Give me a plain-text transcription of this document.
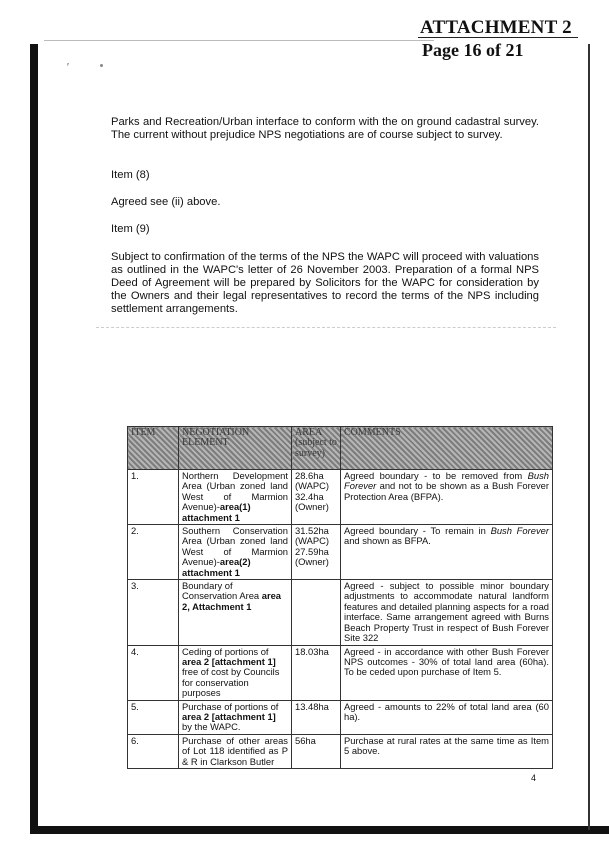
ATTACHMENT 2
Page 16 of 21
′
Parks and Recreation/Urban interface to conform with the on ground cadastral survey. The current without prejudice NPS negotiations are of course subject to survey.
Item (8)
Agreed see (ii) above.
Item (9)
Subject to confirmation of the terms of the NPS the WAPC will proceed with valuations as outlined in the WAPC's letter of 26 November 2003. Preparation of a formal NPS Deed of Agreement will be prepared by Solicitors for the WAPC for consideration by the Owners and their legal representatives to record the terms of the NPS including settlement arrangements.
ITEM	NEGOTIATION ELEMENT	AREA (subject to survey)	COMMENTS
1.	Northern Development Area (Urban zoned land West of Marmion Avenue)-area(1) attachment 1	28.6ha (WAPC) 32.4ha (Owner)	Agreed boundary - to be removed from Bush Forever and not to be shown as a Bush Forever Protection Area (BFPA).
2.	Southern Conservation Area (Urban zoned land West of Marmion Avenue)-area(2) attachment 1	31.52ha (WAPC) 27.59ha (Owner)	Agreed boundary - To remain in Bush Forever and shown as BFPA.
3.	Boundary of Conservation Area area 2, Attachment 1		Agreed - subject to possible minor boundary adjustments to accommodate natural landform features and detailed planning aspects for a road interface. Same arrangement agreed with Burns Beach Property Trust in respect of Bush Forever Site 322
4.	Ceding of portions of area 2 [attachment 1] free of cost by Councils for conservation purposes	18.03ha	Agreed - in accordance with other Bush Forever NPS outcomes - 30% of total land area (60ha). To be ceded upon purchase of Item 5.
5.	Purchase of portions of area 2 [attachment 1] by the WAPC.	13.48ha	Agreed - amounts to 22% of total land area (60 ha).
6.	Purchase of other areas of Lot 118 identified as P & R in Clarkson Butler	56ha	Purchase at rural rates at the same time as Item 5 above.
4
